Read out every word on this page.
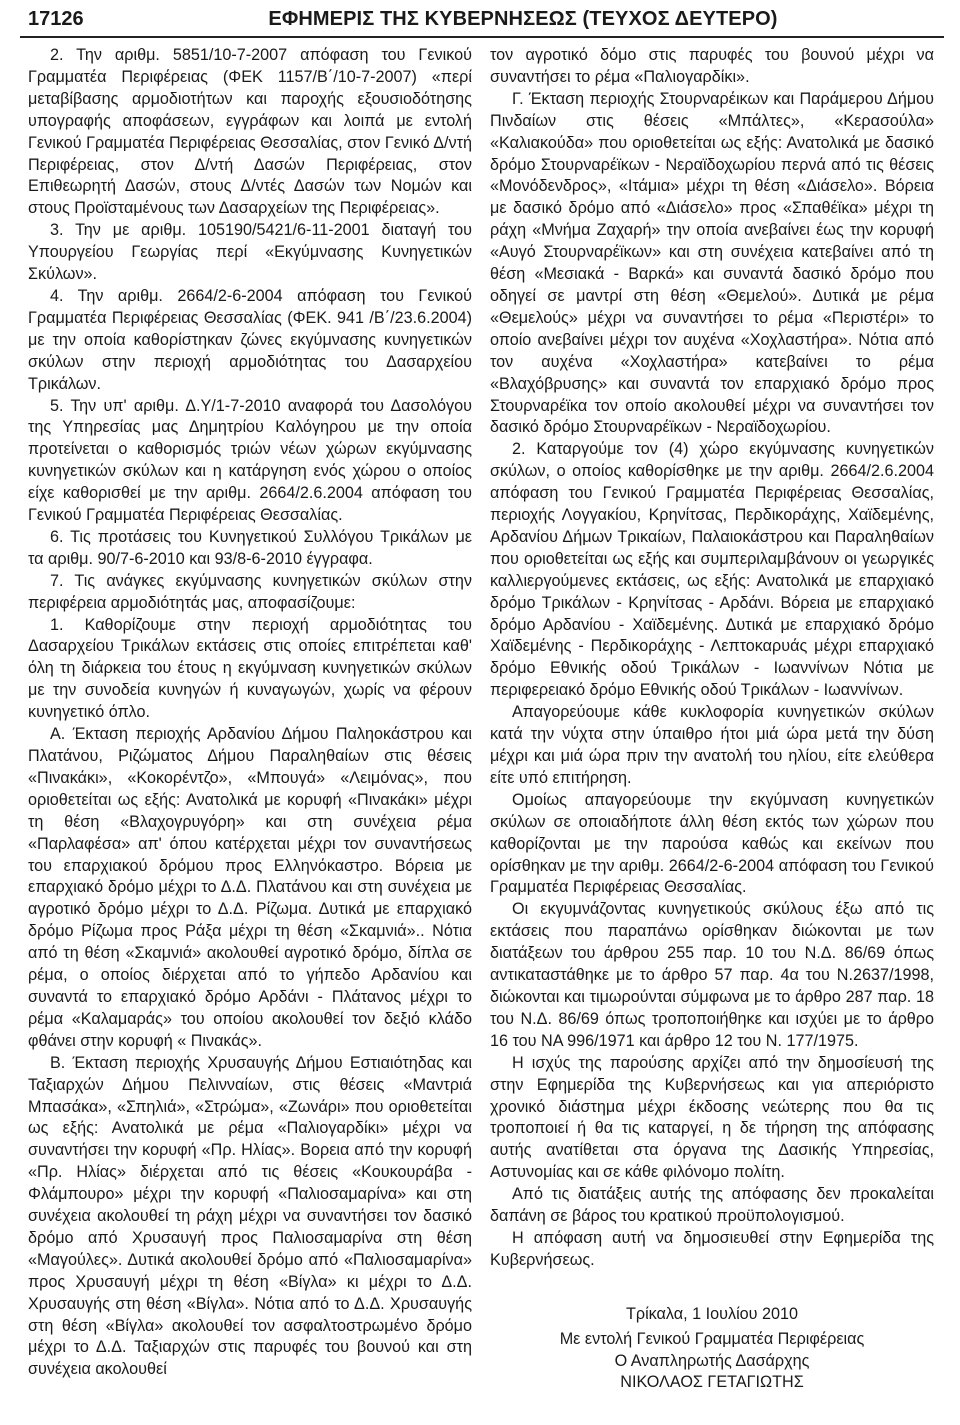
17126	ΕΦΗΜΕΡΙΣ ΤΗΣ ΚΥΒΕΡΝΗΣΕΩΣ (ΤΕΥΧΟΣ ΔΕΥΤΕΡΟ)

2. Την αριθμ. 5851/10-7-2007 απόφαση του Γενικού Γραμματέα Περιφέρειας (ΦΕΚ 1157/Β΄/10-7-2007) «περί μεταβίβασης αρμοδιοτήτων και παροχής εξουσιοδότησης υπογραφής αποφάσεων, εγγράφων και λοιπά με εντολή Γενικού Γραμματέα Περιφέρειας Θεσσαλίας, στον Γενικό Δ/ντή Περιφέρειας, στον Δ/ντή Δασών Περιφέρειας, στον Επιθεωρητή Δασών, στους Δ/ντές Δασών των Νομών και στους Προϊσταμένους των Δασαρχείων της Περιφέρειας».

3. Την με αριθμ. 105190/5421/6-11-2001 διαταγή του Υπουργείου Γεωργίας περί «Εκγύμνασης Κυνηγετικών Σκύλων».

4. Την αριθμ. 2664/2-6-2004 απόφαση του Γενικού Γραμματέα Περιφέρειας Θεσσαλίας (ΦΕΚ. 941 /Β΄/23.6.2004) με την οποία καθορίστηκαν ζώνες εκγύμνασης κυνηγετικών σκύλων στην περιοχή αρμοδιότητας του Δασαρχείου Τρικάλων.

5. Την υπ' αριθμ. Δ.Υ/1-7-2010 αναφορά του Δασολόγου της Υπηρεσίας μας Δημητρίου Καλόγηρου με την οποία προτείνεται ο καθορισμός τριών νέων χώρων εκγύμνασης κυνηγετικών σκύλων και η κατάργηση ενός χώρου ο οποίος είχε καθορισθεί με την αριθμ. 2664/2.6.2004 απόφαση του Γενικού Γραμματέα Περιφέρειας Θεσσαλίας.

6. Τις προτάσεις του Κυνηγετικού Συλλόγου Τρικάλων με τα αριθμ. 90/7-6-2010 και 93/8-6-2010 έγγραφα.

7. Τις ανάγκες εκγύμνασης κυνηγετικών σκύλων στην περιφέρεια αρμοδιότητάς μας, αποφασίζουμε:

1. Καθορίζουμε στην περιοχή αρμοδιότητας του Δασαρχείου Τρικάλων εκτάσεις στις οποίες επιτρέπεται καθ' όλη τη διάρκεια του έτους η εκγύμναση κυνηγετικών σκύλων με την συνοδεία κυνηγών ή κυναγωγών, χωρίς να φέρουν κυνηγετικό όπλο.

Α. Έκταση περιοχής Αρδανίου Δήμου Παληοκάστρου και Πλατάνου, Ριζώματος Δήμου Παραληθαίων στις θέσεις «Πινακάκι», «Κοκορέντζο», «Μπουγά» «Λειμόνας», που οριοθετείται ως εξής: Ανατολικά με κορυφή «Πινακάκι» μέχρι τη θέση «Βλαχογρυγόρη» και στη συνέχεια ρέμα «Παρλαφέσα» απ' όπου κατέρχεται μέχρι τον συναντήσεως του επαρχιακού δρόμου προς Ελληνόκαστρο. Βόρεια με επαρχιακό δρόμο μέχρι το Δ.Δ. Πλατάνου και στη συνέχεια με αγροτικό δρόμο μέχρι το Δ.Δ. Ρίζωμα. Δυτικά με επαρχιακό δρόμο Ρίζωμα προς Ράξα μέχρι τη θέση «Σκαμνιά».. Νότια από τη θέση «Σκαμνιά» ακολουθεί αγροτικό δρόμο, δίπλα σε ρέμα, ο οποίος διέρχεται από το γήπεδο Αρδανίου και συναντά το επαρχιακό δρόμο Αρδάνι - Πλάτανος μέχρι το ρέμα «Καλαμαράς» του οποίου ακολουθεί τον δεξιό κλάδο φθάνει στην κορυφή « Πινακάς».

Β. Έκταση περιοχής Χρυσαυγής Δήμου Εστιαιότηδας και Ταξιαρχών Δήμου Πελινναίων, στις θέσεις «Μαντριά Μπασάκα», «Σπηλιά», «Στρώμα», «Ζωνάρι» που οριοθετείται ως εξής: Ανατολικά με ρέμα «Παλιογαρδίκι» μέχρι να συναντήσει την κορυφή «Πρ. Ηλίας». Βορεια από την κορυφή «Πρ. Ηλίας» διέρχεται από τις θέσεις «Κουκουράβα - Φλάμπουρο» μέχρι την κορυφή «Παλιοσαμαρίνα» και στη συνέχεια ακολουθεί τη ράχη μέχρι να συναντήσει τον δασικό δρόμο από Χρυσαυγή προς Παλιοσαμαρίνα στη θέση «Μαγούλες». Δυτικά ακολουθεί δρόμο από «Παλιοσαμαρίνα» προς Χρυσαυγή μέχρι τη θέση «Βίγλα» κι μέχρι το Δ.Δ. Χρυσαυγής στη θέση «Βίγλα». Νότια από το Δ.Δ. Χρυσαυγής στη θέση «Βίγλα» ακολουθεί τον ασφαλτοστρωμένο δρόμο μέχρι το Δ.Δ. Ταξιαρχών στις παρυφές του βουνού και στη συνέχεια ακολουθεί

τον αγροτικό δόμο στις παρυφές του βουνού μέχρι να συναντήσει το ρέμα «Παλιογαρδίκι».

Γ. Έκταση περιοχής Στουρναρέικων και Παράμερου Δήμου Πινδαίων στις θέσεις «Μπάλτες», «Κερασούλα» «Καλιακούδα» που οριοθετείται ως εξής: Ανατολικά με δασικό δρόμο Στουρναρέϊκων - Νεραϊδοχωρίου περνά από τις θέσεις «Μονόδενδρος», «Ιτάμια» μέχρι τη θέση «Διάσελο». Βόρεια με δασικό δρόμο από «Διάσελο» προς «Σπαθέϊκα» μέχρι τη ράχη «Μνήμα Ζαχαρή» την οποία ανεβαίνει έως την κορυφή «Αυγό Στουρναρέϊκων» και στη συνέχεια κατεβαίνει από τη θέση «Μεσιακά - Βαρκά» και συναντά δασικό δρόμο που οδηγεί σε μαντρί στη θέση «Θεμελού». Δυτικά με ρέμα «Θεμελούς» μέχρι να συναντήσει το ρέμα «Περιστέρι» το οποίο ανεβαίνει μέχρι τον αυχένα «Χοχλαστήρα». Νότια από τον αυχένα «Χοχλαστήρα» κατεβαίνει το ρέμα «Βλαχόβρυσης» και συναντά τον επαρχιακό δρόμο προς Στουρναρέϊκα τον οποίο ακολουθεί μέχρι να συναντήσει τον δασικό δρόμο Στουρναρέϊκων - Νεραϊδοχωρίου.

2. Καταργούμε τον (4) χώρο εκγύμνασης κυνηγετικών σκύλων, ο οποίος καθορίσθηκε με την αριθμ. 2664/2.6.2004 απόφαση του Γενικού Γραμματέα Περιφέρειας Θεσσαλίας, περιοχής Λογγακίου, Κρηνίτσας, Περδικοράχης, Χαϊδεμένης, Αρδανίου Δήμων Τρικαίων, Παλαιοκάστρου και Παραληθαίων που οριοθετείται ως εξής και συμπεριλαμβάνουν οι γεωργικές καλλιεργούμενες εκτάσεις, ως εξής: Ανατολικά με επαρχιακό δρόμο Τρικάλων - Κρηνίτσας - Αρδάνι. Βόρεια με επαρχιακό δρόμο Αρδανίου - Χαϊδεμένης. Δυτικά με επαρχιακό δρόμο Χαϊδεμένης - Περδικοράχης - Λεπτοκαρυάς μέχρι επαρχιακό δρόμο Εθνικής οδού Τρικάλων - Ιωαννίνων Νότια με περιφερειακό δρόμο Εθνικής οδού Τρικάλων - Ιωαννίνων.

Απαγορεύουμε κάθε κυκλοφορία κυνηγετικών σκύλων κατά την νύχτα στην ύπαιθρο ήτοι μιά ώρα μετά την δύση μέχρι και μιά ώρα πριν την ανατολή του ηλίου, είτε ελεύθερα είτε υπό επιτήρηση.

Ομοίως απαγορεύουμε την εκγύμναση κυνηγετικών σκύλων σε οποιαδήποτε άλλη θέση εκτός των χώρων που καθορίζονται με την παρούσα καθώς και εκείνων που ορίσθηκαν με την αριθμ. 2664/2-6-2004 απόφαση του Γενικού Γραμματέα Περιφέρειας Θεσσαλίας.

Οι εκγυμνάζοντας κυνηγετικούς σκύλους έξω από τις εκτάσεις που παραπάνω ορίσθηκαν διώκονται με των διατάξεων του άρθρου 255 παρ. 10 του Ν.Δ. 86/69 όπως αντικαταστάθηκε με το άρθρο 57 παρ. 4α του Ν.2637/1998, διώκονται και τιμωρούνται σύμφωνα με το άρθρο 287 παρ. 18 του Ν.Δ. 86/69 όπως τροποποιήθηκε και ισχύει με το άρθρο 16 του ΝΑ 996/1971 και άρθρο 12 του Ν. 177/1975.

Η ισχύς της παρούσης αρχίζει από την δημοσίευσή της στην Εφημερίδα της Κυβερνήσεως και για απεριόριστο χρονικό διάστημα μέχρι έκδοσης νεώτερης που θα τις τροποποιεί ή θα τις καταργεί, η δε τήρηση της απόφασης αυτής ανατίθεται στα όργανα της Δασικής Υπηρεσίας, Αστυνομίας και σε κάθε φιλόνομο πολίτη.

Από τις διατάξεις αυτής της απόφασης δεν προκαλείται δαπάνη σε βάρος του κρατικού προϋπολογισμού.

Η απόφαση αυτή να δημοσιευθεί στην Εφημερίδα της Κυβερνήσεως.

Τρίκαλα, 1 Ιουλίου 2010

Με εντολή Γενικού Γραμματέα Περιφέρειας

Ο Αναπληρωτής Δασάρχης

ΝΙΚΟΛΑΟΣ ΓΕΤΑΓΙΩΤΗΣ
